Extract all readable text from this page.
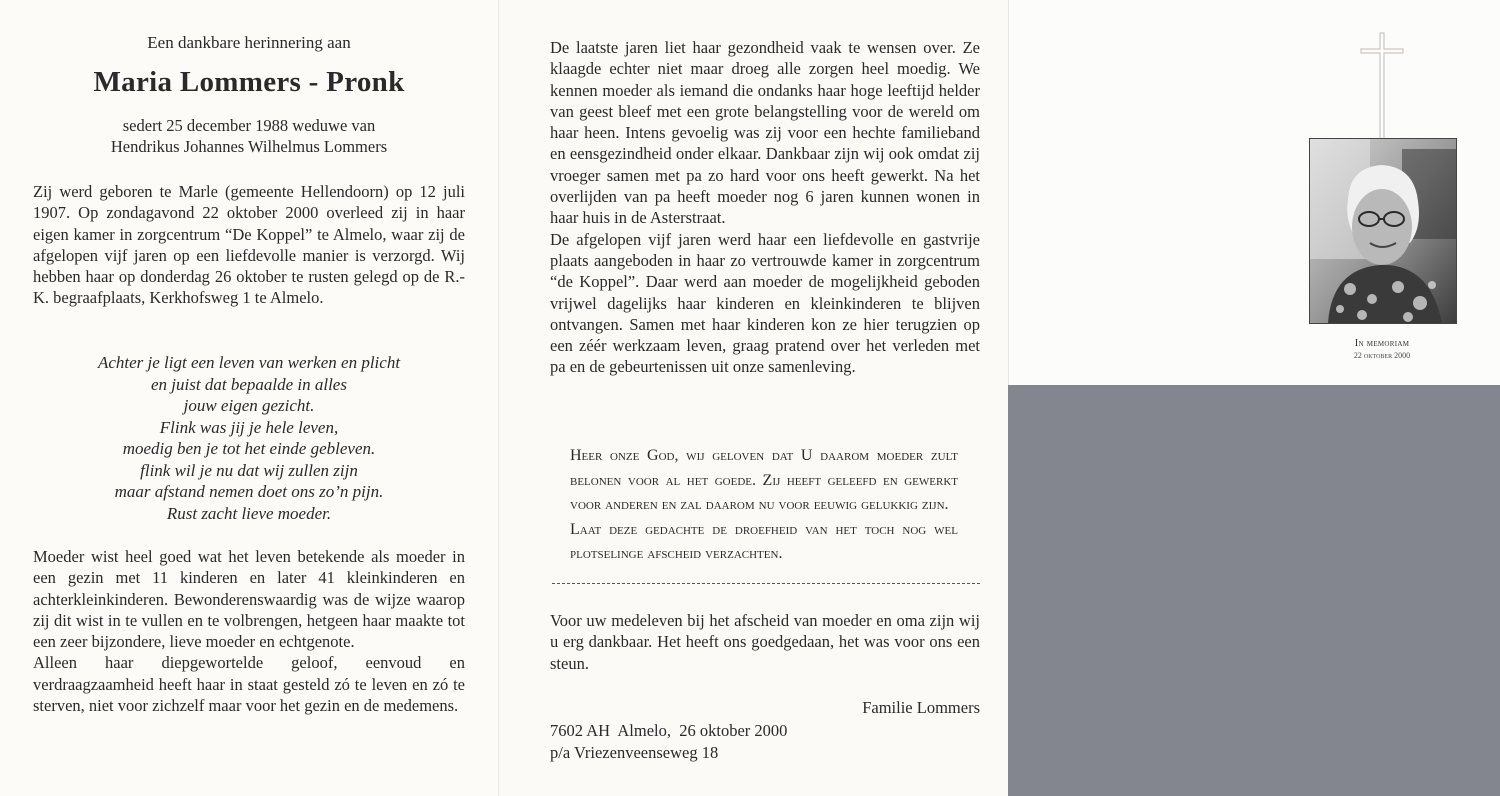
Een dankbare herinnering aan
Maria Lommers - Pronk
sedert 25 december 1988 weduwe van
Hendrikus Johannes Wilhelmus Lommers
Zij werd geboren te Marle (gemeente Hellendoorn) op 12 juli 1907. Op zondagavond 22 oktober 2000 overleed zij in haar eigen kamer in zorgcentrum “De Koppel” te Almelo, waar zij de afgelopen vijf jaren op een liefdevolle manier is verzorgd. Wij hebben haar op donderdag 26 oktober te rusten gelegd op de R.-K. begraafplaats, Kerkhofsweg 1 te Almelo.
Achter je ligt een leven van werken en plicht
en juist dat bepaalde in alles
jouw eigen gezicht.
Flink was jij je hele leven,
moedig ben je tot het einde gebleven.
flink wil je nu dat wij zullen zijn
maar afstand nemen doet ons zo’n pijn.
Rust zacht lieve moeder.
Moeder wist heel goed wat het leven betekende als moeder in een gezin met 11 kinderen en later 41 kleinkinderen en achterkleinkinderen. Bewonderenswaardig was de wijze waarop zij dit wist in te vullen en te volbrengen, hetgeen haar maakte tot een zeer bijzondere, lieve moeder en echtgenote.
Alleen haar diepgewortelde geloof, eenvoud en verdraagzaamheid heeft haar in staat gesteld zó te leven en zó te sterven, niet voor zichzelf maar voor het gezin en de medemens.
De laatste jaren liet haar gezondheid vaak te wensen over. Ze klaagde echter niet maar droeg alle zorgen heel moedig. We kennen moeder als iemand die ondanks haar hoge leeftijd helder van geest bleef met een grote belangstelling voor de wereld om haar heen. Intens gevoelig was zij voor een hechte familieband en eensgezindheid onder elkaar. Dankbaar zijn wij ook omdat zij vroeger samen met pa zo hard voor ons heeft gewerkt. Na het overlijden van pa heeft moeder nog 6 jaren kunnen wonen in haar huis in de Asterstraat.
De afgelopen vijf jaren werd haar een liefdevolle en gastvrije plaats aangeboden in haar zo vertrouwde kamer in zorgcentrum “de Koppel”. Daar werd aan moeder de mogelijkheid geboden vrijwel dagelijks haar kinderen en kleinkinderen te blijven ontvangen. Samen met haar kinderen kon ze hier terugzien op een zéér werkzaam leven, graag pratend over het verleden met pa en de gebeurtenissen uit onze samenleving.
Heer onze God, wij geloven dat U daarom moeder zult belonen voor al het goede. Zij heeft geleefd en gewerkt voor anderen en zal daarom nu voor eeuwig gelukkig zijn.
Laat deze gedachte de droefheid van het toch nog wel plotselinge afscheid verzachten.
Voor uw medeleven bij het afscheid van moeder en oma zijn wij u erg dankbaar. Het heeft ons goedgedaan, het was voor ons een steun.
Familie Lommers
7602 AH  Almelo,  26 oktober 2000
p/a Vriezenveenseweg 18
In memoriam
22 oktober 2000
